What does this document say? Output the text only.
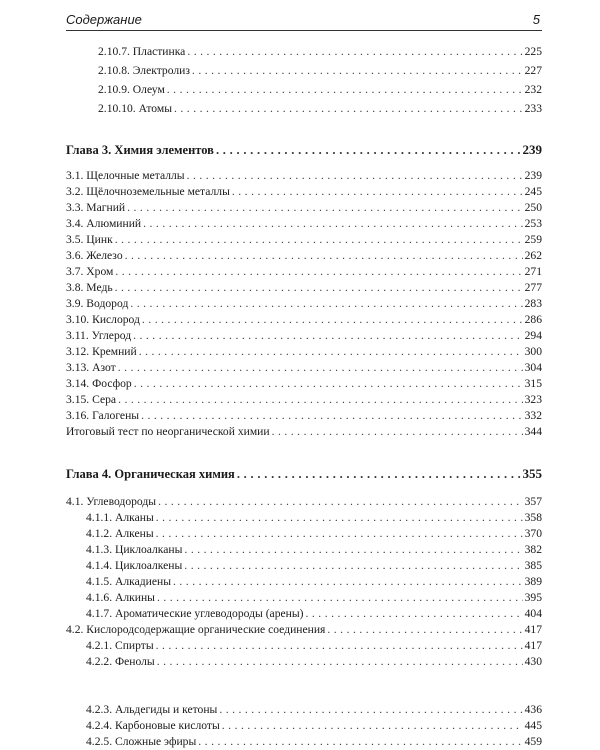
Содержание	5
2.10.7. Пластинка . . .	225
2.10.8. Электролиз . . .	227
2.10.9. Олеум . . .	232
2.10.10. Атомы . . .	233
Глава 3. Химия элементов . . .	239
3.1. Щелочные металлы . . .	239
3.2. Щёлочноземельные металлы . . .	245
3.3. Магний . . .	250
3.4. Алюминий . . .	253
3.5. Цинк . . .	259
3.6. Железо . . .	262
3.7. Хром . . .	271
3.8. Медь . . .	277
3.9. Водород . . .	283
3.10. Кислород . . .	286
3.11. Углерод . . .	294
3.12. Кремний . . .	300
3.13. Азот . . .	304
3.14. Фосфор . . .	315
3.15. Сера . . .	323
3.16. Галогены . . .	332
Итоговый тест по неорганической химии . . .	344
Глава 4. Органическая химия . . .	355
4.1. Углеводороды . . .	357
4.1.1. Алканы . . .	358
4.1.2. Алкены . . .	370
4.1.3. Циклоалканы . . .	382
4.1.4. Циклоалкены . . .	385
4.1.5. Алкадиены . . .	389
4.1.6. Алкины . . .	395
4.1.7. Ароматические углеводороды (арены) . . .	404
4.2. Кислородсодержащие органические соединения . . .	417
4.2.1. Спирты . . .	417
4.2.2. Фенолы . . .	430
4.2.3. Альдегиды и кетоны . . .	436
4.2.4. Карбоновые кислоты . . .	445
4.2.5. Сложные эфиры . . .	459
